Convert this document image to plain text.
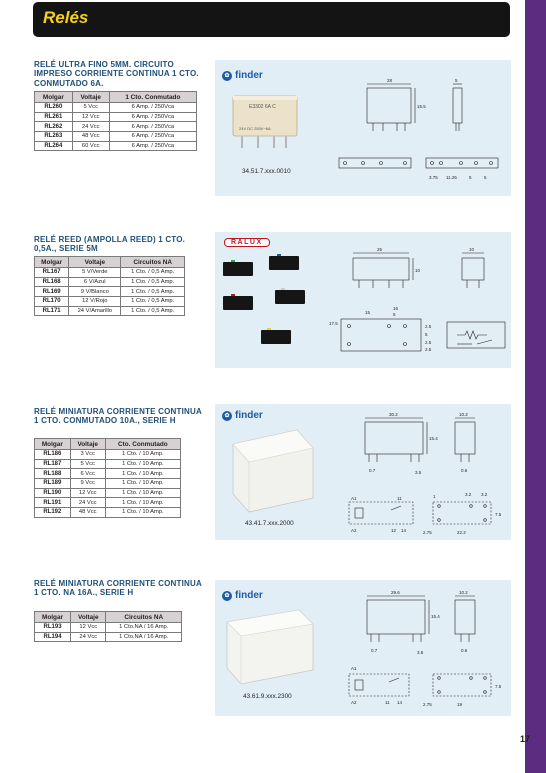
Relés
17
RELÉ ULTRA FINO 5MM. CIRCUITO IMPRESO CORRIENTE CONTINUA 1 CTO. CONMUTADO 6A.
Molgar	Voltaje	1 Cto. Conmutado
RL260	5 Vcc	6 Amp. / 250Vca
RL261	12 Vcc	6 Amp. / 250Vca
RL262	24 Vcc	6 Amp. / 250Vca
RL263	48 Vcc	6 Amp. / 250Vca
RL264	60 Vcc	6 Amp. / 250Vca
✿ finder
E3302 6A C
24V DC 250V~6A
34.51.7.xxx.0010
28	5
15.5
3.75 11.25	5	5
RELÉ REED (AMPOLLA REED) 1 CTO. 0,5A., SERIE 5M
Molgar	Voltaje	Circuitos NA
RL167	5 V/Verde	1 Cto. / 0,5 Amp.
RL168	6 V/Azul	1 Cto. / 0,5 Amp.
RL169	9 V/Blanco	1 Cto. / 0,5 Amp.
RL170	12 V/Rojo	1 Cto. / 0,5 Amp.
RL171	24 V/Amarillo	1 Cto. / 0,5 Amp.
RALUX
25	10
10
17.5
15
16
5
2.5
5
2.5
2.5
RELÉ MINIATURA CORRIENTE CONTINUA 1 CTO. CONMUTADO 10A., SERIE H
Molgar	Voltaje	Cto. Conmutado
RL186	3 Vcc	1 Cto. / 10 Amp.
RL187	5 Vcc	1 Cto. / 10 Amp.
RL188	6 Vcc	1 Cto. / 10 Amp.
RL189	9 Vcc	1 Cto. / 10 Amp.
RL190	12 Vcc	1 Cto. / 10 Amp.
RL191	24 Vcc	1 Cto. / 10 Amp.
RL192	48 Vcc	1 Cto. / 10 Amp.
✿ finder
43.41.7.xxx.2000
30.2	10.2
15.4
0.7	3.5	0.6
1	3.2 3.2
7.5
2.75	22.2
A1
A2
11
12 14
RELÉ MINIATURA CORRIENTE CONTINUA 1 CTO. NA 16A., SERIE H
Molgar	Voltaje	Circuitos NA
RL193	12 Vcc	1 Cto.NA / 16 Amp.
RL194	24 Vcc	1 Cto.NA / 16 Amp.
✿ finder
43.61.9.xxx.2300
29.6	10.2
15.4
0.7	3.5	0.6
7.5
2.75	19
A1
A2	11 14
